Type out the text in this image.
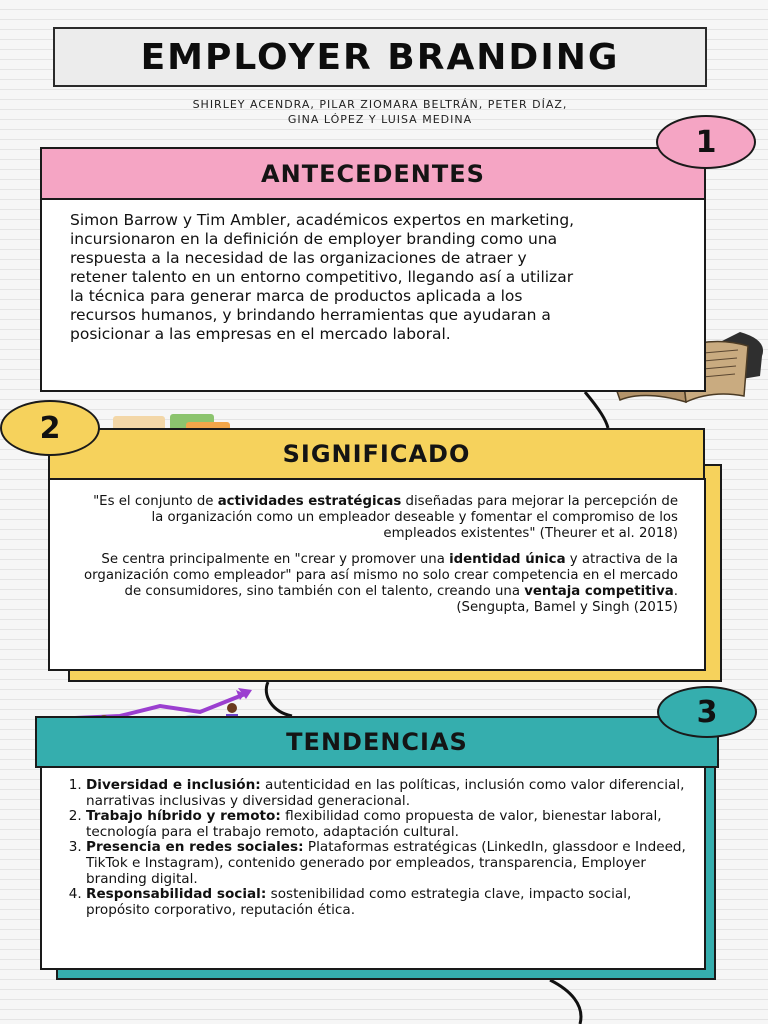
EMPLOYER BRANDING
SHIRLEY ACENDRA, PILAR ZIOMARA BELTRÁN, PETER DÍAZ,
GINA LÓPEZ Y LUISA MEDINA

Simon Barrow y Tim Ambler, académicos expertos en marketing, incursionaron en la definición de employer branding como una respuesta a la necesidad de las organizaciones de atraer y retener talento en un entorno competitivo, llegando así a utilizar la técnica para generar marca de productos aplicada a los recursos humanos, y brindando herramientas que ayudaran a posicionar a las empresas en el mercado laboral.

ANTECEDENTES
1

"Es el conjunto de actividades estratégicas diseñadas para mejorar la percepción de la organización como un empleador deseable y fomentar el compromiso de los empleados existentes" (Theurer et al. 2018)

Se centra principalmente en "crear y promover una identidad única y atractiva de la organización como empleador" para así mismo no solo crear competencia en el mercado de consumidores, sino también con el talento, creando una ventaja competitiva. (Sengupta, Bamel y Singh (2015)

SIGNIFICADO
2
1. Diversidad e inclusión: autenticidad en las políticas, inclusión como valor diferencial, narrativas inclusivas y diversidad generacional.
2. Trabajo híbrido y remoto: flexibilidad como propuesta de valor, bienestar laboral, tecnología para el trabajo remoto, adaptación cultural.
3. Presencia en redes sociales: Plataformas estratégicas (LinkedIn, glassdoor e Indeed, TikTok e Instagram), contenido generado por empleados, transparencia, Employer branding digital.
4. Responsabilidad social: sostenibilidad como estrategia clave, impacto social, propósito corporativo, reputación ética.
TENDENCIAS
3
